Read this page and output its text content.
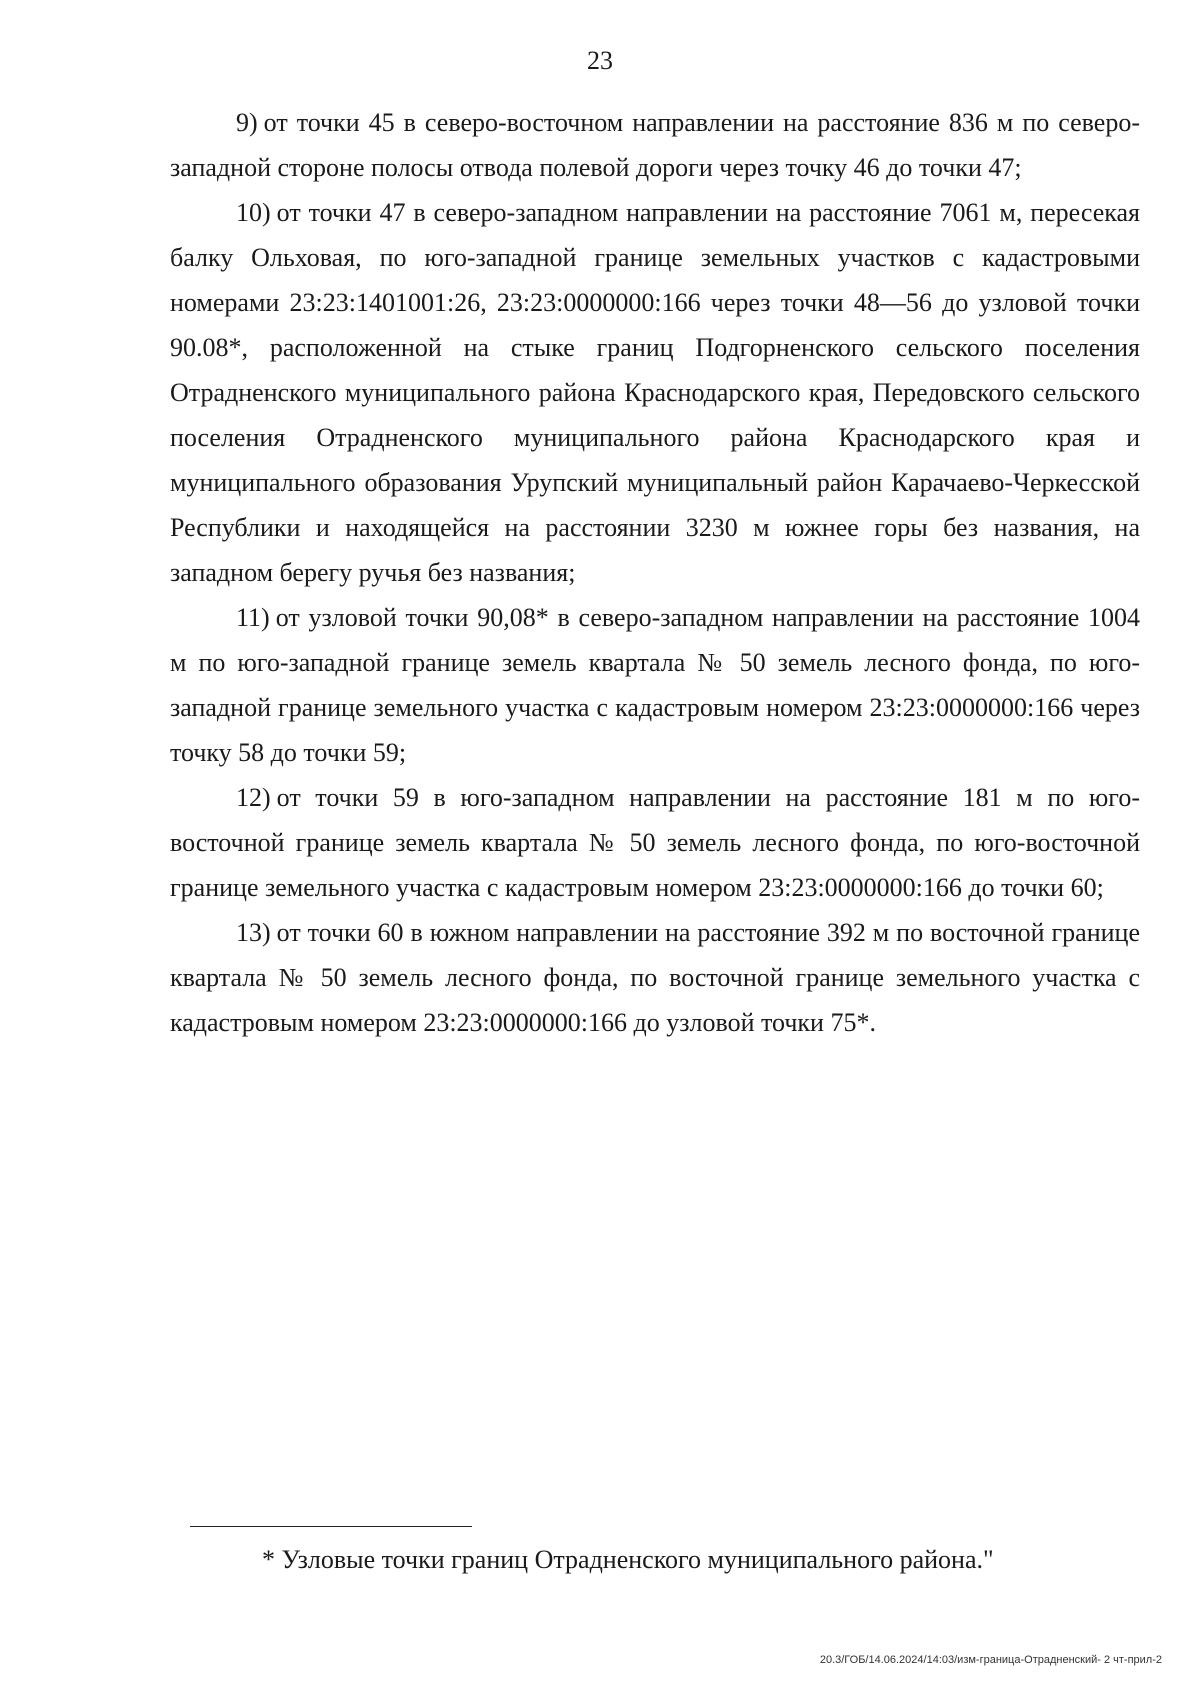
23

9) от точки 45 в северо-восточном направлении на расстояние 836 м по северо-западной стороне полосы отвода полевой дороги через точку 46 до точки 47;

10) от точки 47 в северо-западном направлении на расстояние 7061 м, пересекая балку Ольховая, по юго-западной границе земельных участков с кадастровыми номерами 23:23:1401001:26, 23:23:0000000:166 через точки 48—56 до узловой точки 90.08*, расположенной на стыке границ Подгорненского сельского поселения Отрадненского муниципального района Краснодарского края, Передовского сельского поселения Отрадненского муниципального района Краснодарского края и муниципального образования Урупский муниципальный район Карачаево-Черкесской Республики и находящейся на расстоянии 3230 м южнее горы без названия, на западном берегу ручья без названия;

11) от узловой точки 90,08* в северо-западном направлении на расстояние 1004 м по юго-западной границе земель квартала № 50 земель лесного фонда, по юго-западной границе земельного участка с кадастровым номером 23:23:0000000:166 через точку 58 до точки 59;

12) от точки 59 в юго-западном направлении на расстояние 181 м по юго-восточной границе земель квартала № 50 земель лесного фонда, по юго-восточной границе земельного участка с кадастровым номером 23:23:0000000:166 до точки 60;

13) от точки 60 в южном направлении на расстояние 392 м по восточной границе квартала № 50 земель лесного фонда, по восточной границе земельного участка с кадастровым номером 23:23:0000000:166 до узловой точки 75*.

* Узловые точки границ Отрадненского муниципального района."
20.3/ГОБ/14.06.2024/14:03/изм-граница-Отрадненский- 2 чт-прил-2
